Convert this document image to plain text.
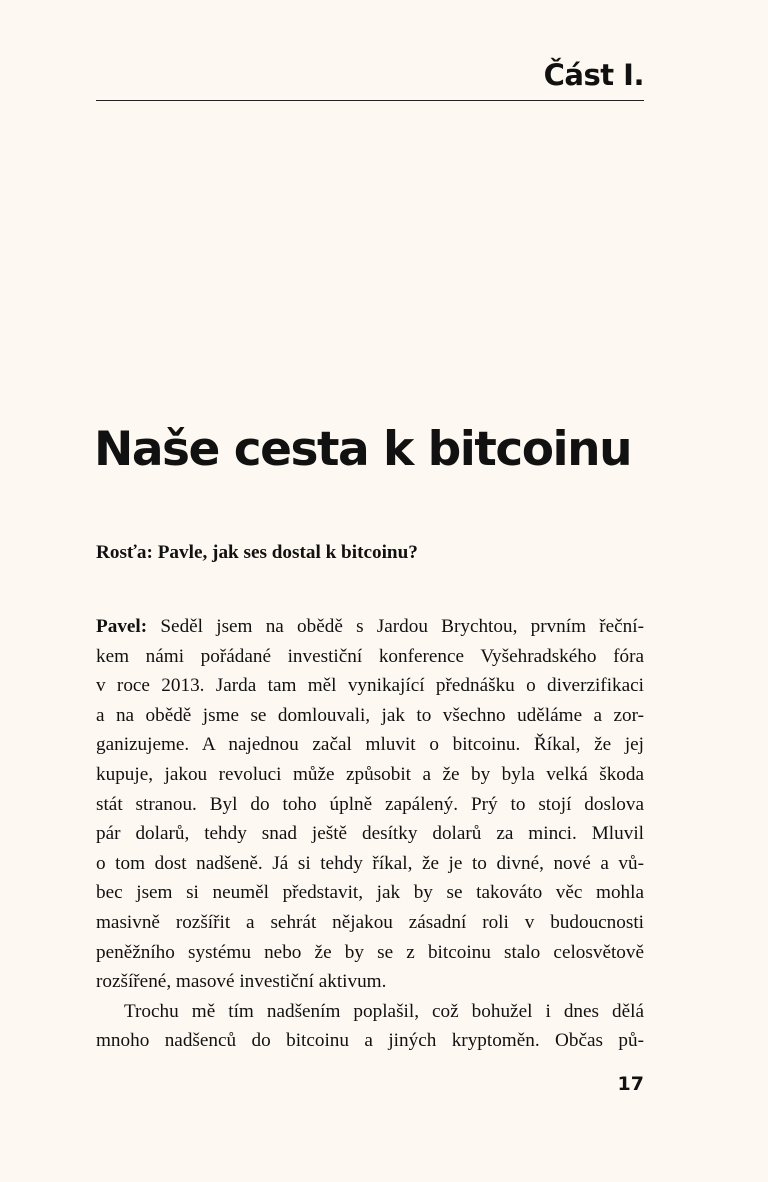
Část I.
Naše cesta k bitcoinu
Rosťa: Pavle, jak ses dostal k bitcoinu?
Pavel: Seděl jsem na obědě s Jardou Brychtou, prvním řeční-
kem námi pořádané investiční konference Vyšehradského fóra
v roce 2013. Jarda tam měl vynikající přednášku o diverzifikaci
a na obědě jsme se domlouvali, jak to všechno uděláme a zor-
ganizujeme. A najednou začal mluvit o bitcoinu. Říkal, že jej
kupuje, jakou revoluci může způsobit a že by byla velká škoda
stát stranou. Byl do toho úplně zapálený. Prý to stojí doslova
pár dolarů, tehdy snad ještě desítky dolarů za minci. Mluvil
o tom dost nadšeně. Já si tehdy říkal, že je to divné, nové a vů-
bec jsem si neuměl představit, jak by se takováto věc mohla
masivně rozšířit a sehrát nějakou zásadní roli v budoucnosti
peněžního systému nebo že by se z bitcoinu stalo celosvětově
rozšířené, masové investiční aktivum.
Trochu mě tím nadšením poplašil, což bohužel i dnes dělá
mnoho nadšenců do bitcoinu a jiných kryptoměn. Občas pů-
17
